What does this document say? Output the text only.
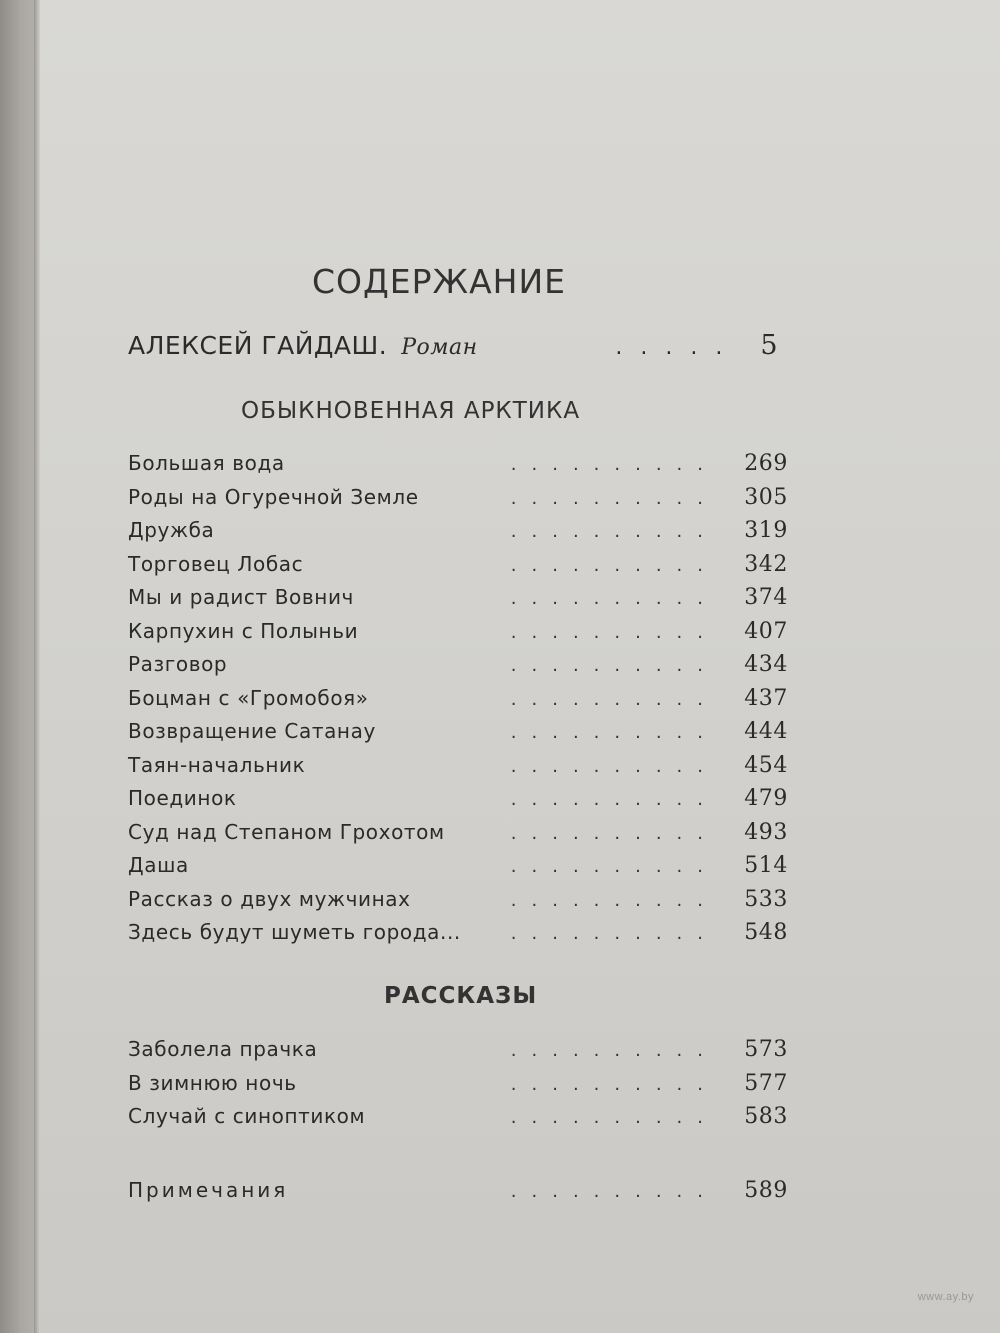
СОДЕРЖАНИЕ
АЛЕКСЕЙ ГАЙДАШ. Роман	..... 5
ОБЫКНОВЕННАЯ АРКТИКА
Большая вода	..........	269
Роды на Огуречной Земле	..........	305
Дружба	..........	319
Торговец Лобас	..........	342
Мы и радист Вовнич	..........	374
Карпухин с Полыньи	..........	407
Разговор	..........	434
Боцман с «Громобоя»	..........	437
Возвращение Сатанау	..........	444
Таян-начальник	..........	454
Поединок	..........	479
Суд над Степаном Грохотом	..........	493
Даша	..........	514
Рассказ о двух мужчинах	..........	533
Здесь будут шуметь города...	..........	548
РАССКАЗЫ
Заболела прачка	..........	573
В зимнюю ночь	..........	577
Случай с синоптиком	..........	583
Примечания	..........	589
www.ay.by
